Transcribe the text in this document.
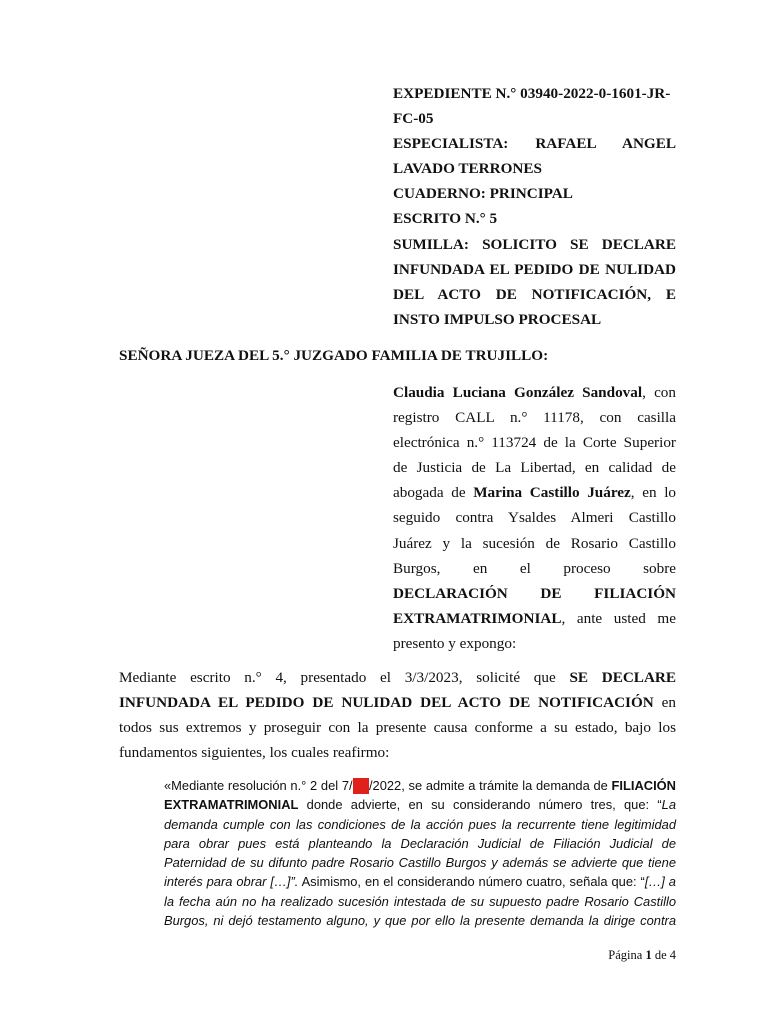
EXPEDIENTE N.° 03940-2022-0-1601-JR-
FC-05
ESPECIALISTA: RAFAEL ANGEL
LAVADO TERRONES
CUADERNO: PRINCIPAL
ESCRITO N.° 5
SUMILLA: SOLICITO SE DECLARE
INFUNDADA EL PEDIDO DE NULIDAD
DEL ACTO DE NOTIFICACIÓN, E
INSTO IMPULSO PROCESAL
SEÑORA JUEZA DEL 5.° JUZGADO FAMILIA DE TRUJILLO:
Claudia Luciana González Sandoval, con
registro CALL n.° 11178, con casilla
electrónica n.° 113724 de la Corte Superior
de Justicia de La Libertad, en calidad de
abogada de Marina Castillo Juárez, en lo
seguido contra Ysaldes Almeri Castillo
Juárez y la sucesión de Rosario Castillo
Burgos, en el proceso sobre
DECLARACIÓN DE FILIACIÓN
EXTRAMATRIMONIAL, ante usted me
presento y expongo:
Mediante escrito n.° 4, presentado el 3/3/2023, solicité que SE DECLARE
INFUNDADA EL PEDIDO DE NULIDAD DEL ACTO DE NOTIFICACIÓN en
todos sus extremos y proseguir con la presente causa conforme a su estado, bajo los
fundamentos siguientes, los cuales reafirmo:
«Mediante resolución n.° 2 del 7/12/2022, se admite a trámite la demanda de FILIACIÓN
EXTRAMATRIMONIAL donde advierte, en su considerando número tres, que: “La
demanda cumple con las condiciones de la acción pues la recurrente tiene legitimidad
para obrar pues está planteando la Declaración Judicial de Filiación Judicial de
Paternidad de su difunto padre Rosario Castillo Burgos y además se advierte que tiene
interés para obrar […]”. Asimismo, en el considerando número cuatro, señala que: “[…] a
la fecha aún no ha realizado sucesión intestada de su supuesto padre Rosario Castillo
Burgos, ni dejó testamento alguno, y que por ello la presente demanda la dirige contra
Página 1 de 4
